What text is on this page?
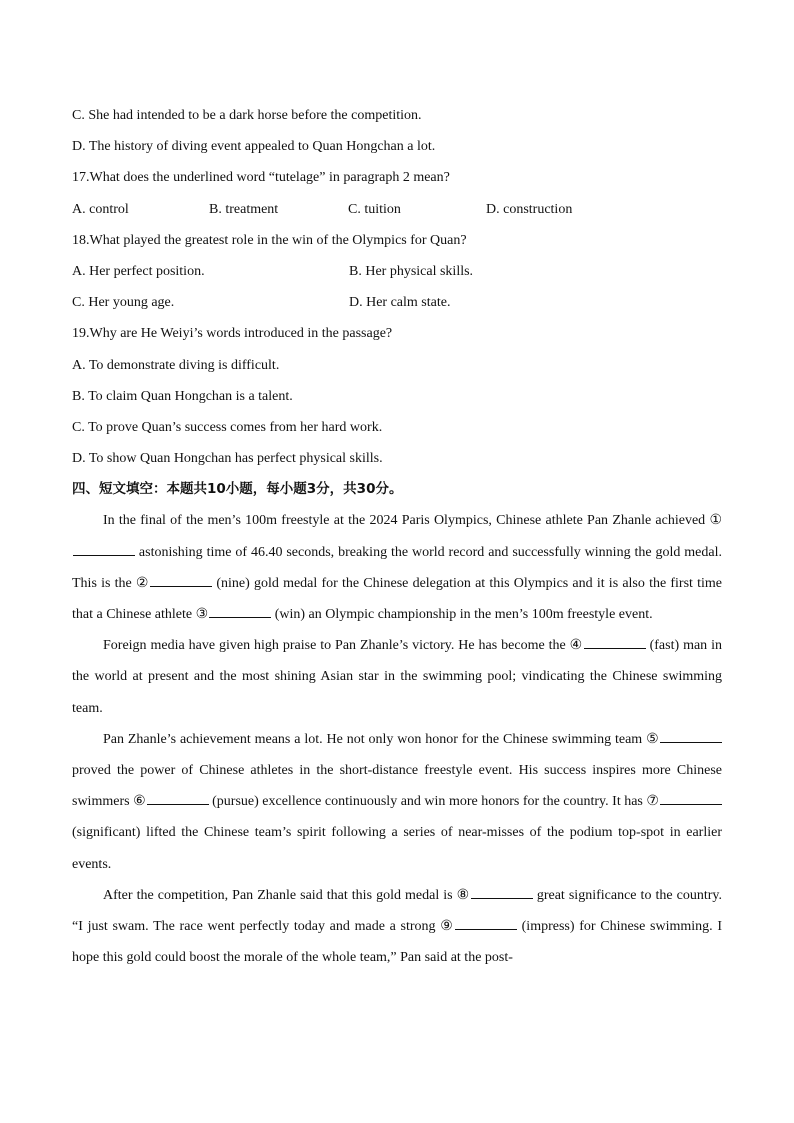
C. She had intended to be a dark horse before the competition.
D. The history of diving event appealed to Quan Hongchan a lot.
17.What does the underlined word “tutelage” in paragraph 2 mean?
A. control	B. treatment	C. tuition	D. construction
18.What played the greatest role in the win of the Olympics for Quan?
A. Her perfect position.	B. Her physical skills.
C. Her young age.	D. Her calm state.
19.Why are He Weiyi’s words introduced in the passage?
A. To demonstrate diving is difficult.
B. To claim Quan Hongchan is a talent.
C. To prove Quan’s success comes from her hard work.
D. To show Quan Hongchan has perfect physical skills.
四、短文填空：本题共10小题，每小题3分，共30分。

In the final of the men’s 100m freestyle at the 2024 Paris Olympics, Chinese athlete Pan Zhanle achieved ① astonishing time of 46.40 seconds, breaking the world record and successfully winning the gold medal. This is the ②	(nine) gold medal for the Chinese delegation at this Olympics and it is also the first time that a Chinese athlete ③	(win) an Olympic championship in the men’s 100m freestyle event.

Foreign media have given high praise to Pan Zhanle’s victory. He has become the ④	(fast) man in the world at present and the most shining Asian star in the swimming pool; vindicating the Chinese swimming team.

Pan Zhanle’s achievement means a lot. He not only won honor for the Chinese swimming team ⑤ proved the power of Chinese athletes in the short-distance freestyle event. His success inspires more Chinese swimmers ⑥	(pursue) excellence continuously and win more honors for the country. It has ⑦ (significant) lifted the Chinese team’s spirit following a series of near-misses of the podium top-spot in earlier events.

After the competition, Pan Zhanle said that this gold medal is ⑧	great significance to the country. “I just swam. The race went perfectly today and made a strong ⑨	(impress) for Chinese swimming. I hope this gold could boost the morale of the whole team,” Pan said at the post-
